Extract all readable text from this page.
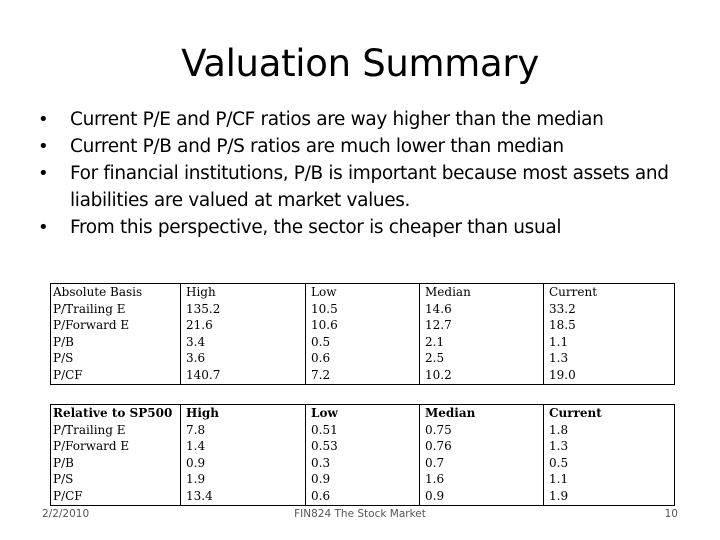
Valuation Summary
• Current P/E and P/CF ratios are way higher than the median
• Current P/B and P/S ratios are much lower than median
• For financial institutions, P/B is important because most assets and liabilities are valued at market values.
• From this perspective, the sector is cheaper than usual
Absolute Basis	High	Low	Median	Current
P/Trailing E	135.2	10.5	14.6	33.2
P/Forward E	21.6	10.6	12.7	18.5
P/B	3.4	0.5	2.1	1.1
P/S	3.6	0.6	2.5	1.3
P/CF	140.7	7.2	10.2	19.0
Relative to SP500	High	Low	Median	Current
P/Trailing E	7.8	0.51	0.75	1.8
P/Forward E	1.4	0.53	0.76	1.3
P/B	0.9	0.3	0.7	0.5
P/S	1.9	0.9	1.6	1.1
P/CF	13.4	0.6	0.9	1.9
2/2/2010	FIN824 The Stock Market	10
